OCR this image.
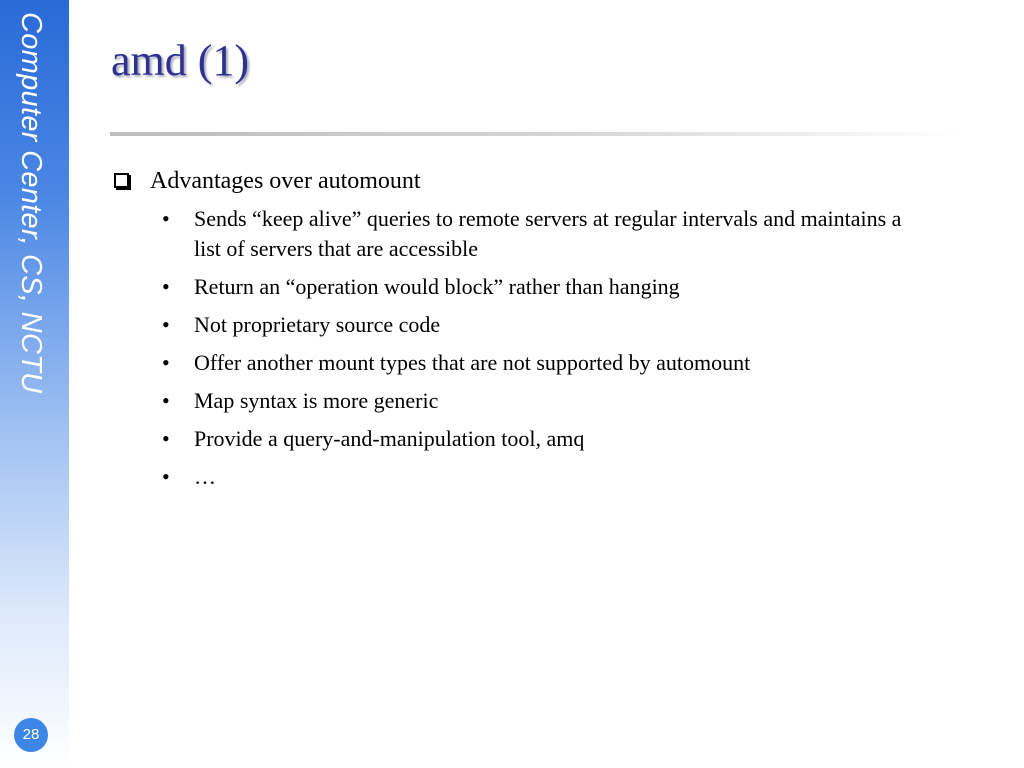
Computer Center, CS, NCTU
28
amd (1)
Advantages over automount
• Sends “keep alive” queries to remote servers at regular intervals and maintains a list of servers that are accessible
• Return an “operation would block” rather than hanging
• Not proprietary source code
• Offer another mount types that are not supported by automount
• Map syntax is more generic
• Provide a query-and-manipulation tool, amq
• …
